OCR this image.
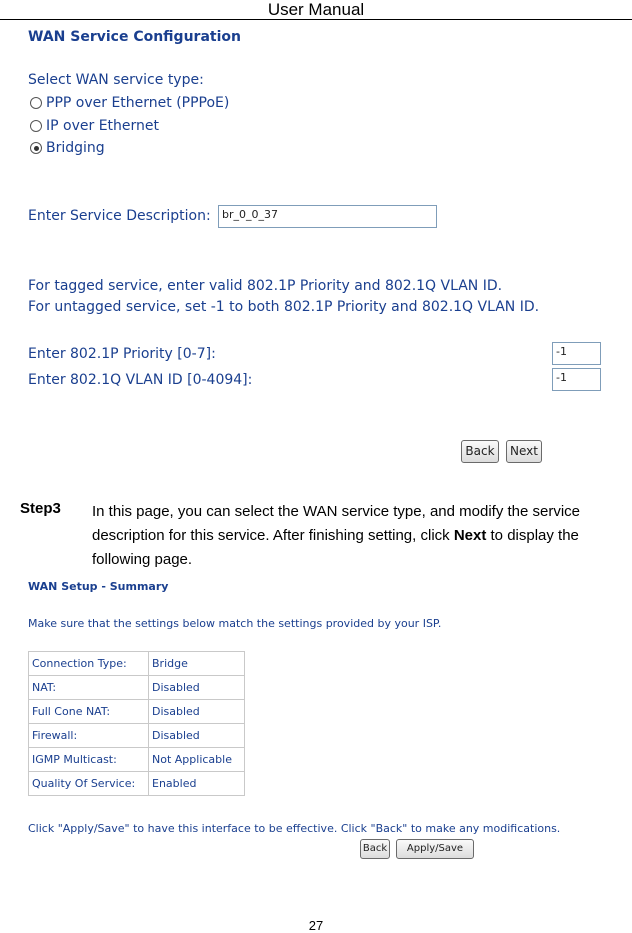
User Manual
WAN Service Configuration
Select WAN service type:
PPP over Ethernet (PPPoE)
IP over Ethernet
Bridging
Enter Service Description:	br_0_0_37
For tagged service, enter valid 802.1P Priority and 802.1Q VLAN ID.
For untagged service, set -1 to both 802.1P Priority and 802.1Q VLAN ID.
Enter 802.1P Priority [0-7]:	-1
Enter 802.1Q VLAN ID [0-4094]:	-1
Back	Next
Step3 In this page, you can select the WAN service type, and modify the service description for this service. After finishing setting, click Next to display the following page.
WAN Setup - Summary
Make sure that the settings below match the settings provided by your ISP.
Connection Type:	Bridge
NAT:	Disabled
Full Cone NAT:	Disabled
Firewall:	Disabled
IGMP Multicast:	Not Applicable
Quality Of Service:	Enabled
Click "Apply/Save" to have this interface to be effective. Click "Back" to make any modifications.
Back	Apply/Save
27
